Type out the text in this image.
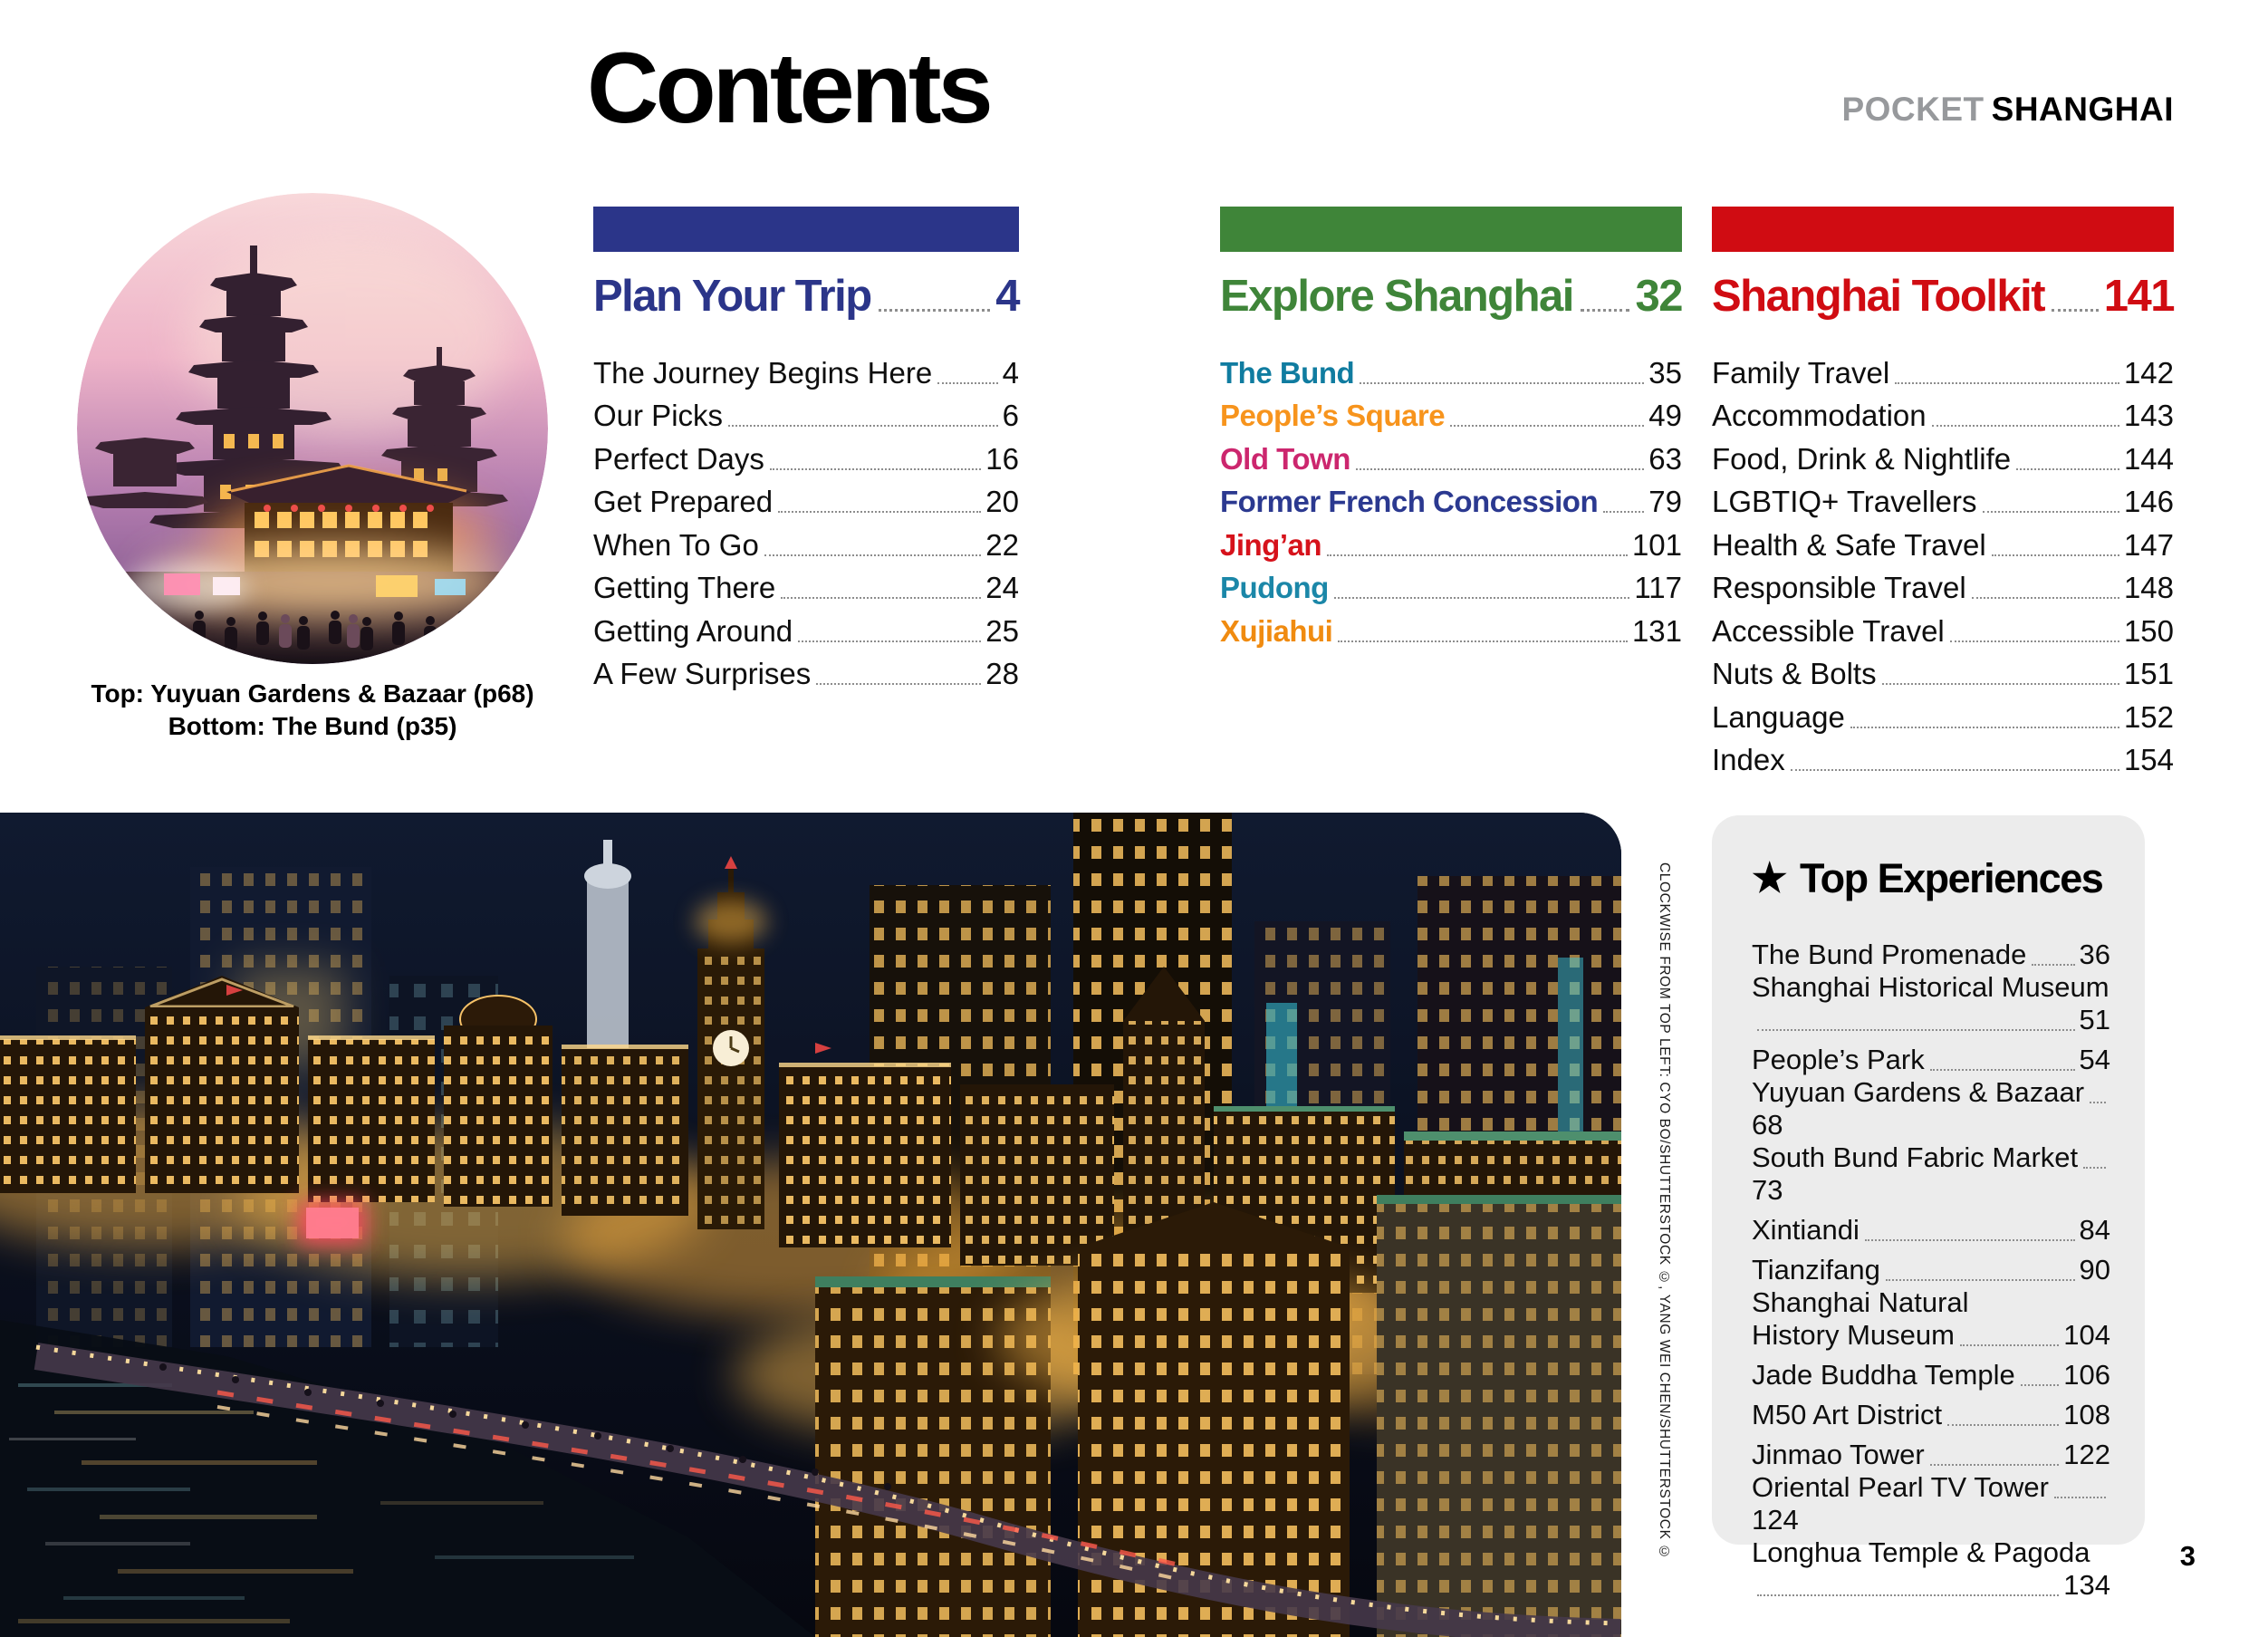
Contents	POCKET SHANGHAI
Top: Yuyuan Gardens & Bazaar (p68)
Bottom: The Bund (p35)
Plan Your Trip	4
The Journey Begins Here 4
Our Picks	6
Perfect Days	16
Get Prepared	20
When To Go	22
Getting There	24
Getting Around	25
A Few Surprises	28
Explore Shanghai 32
The Bund	35
People’s Square	49
Old Town	63
Former French Concession 79
Jing’an	101
Pudong	117
Xujiahui	131
Shanghai Toolkit 141
Family Travel	142
Accommodation	143
Food, Drink & Nightlife	144
LGBTIQ+ Travellers	146
Health & Safe Travel	147
Responsible Travel	148
Accessible Travel	150
Nuts & Bolts	151
Language	152
Index	154
CLOCKWISE FROM TOP LEFT: CYO BO/SHUTTERSTOCK ©, YANG WEI CHEN/SHUTTERSTOCK © ★ Top Experiences
The Bund Promenade 36
Shanghai Historical Museum
51
People’s Park	54
Yuyuan Gardens & Bazaar
68
South Bund Fabric Market
73
Xintiandi	84
Tianzifang	90
Shanghai Natural
History Museum	104
Jade Buddha Temple 106
M50 Art District	108
Jinmao Tower	122
Oriental Pearl TV Tower
124
Longhua Temple & Pagoda
134
3
